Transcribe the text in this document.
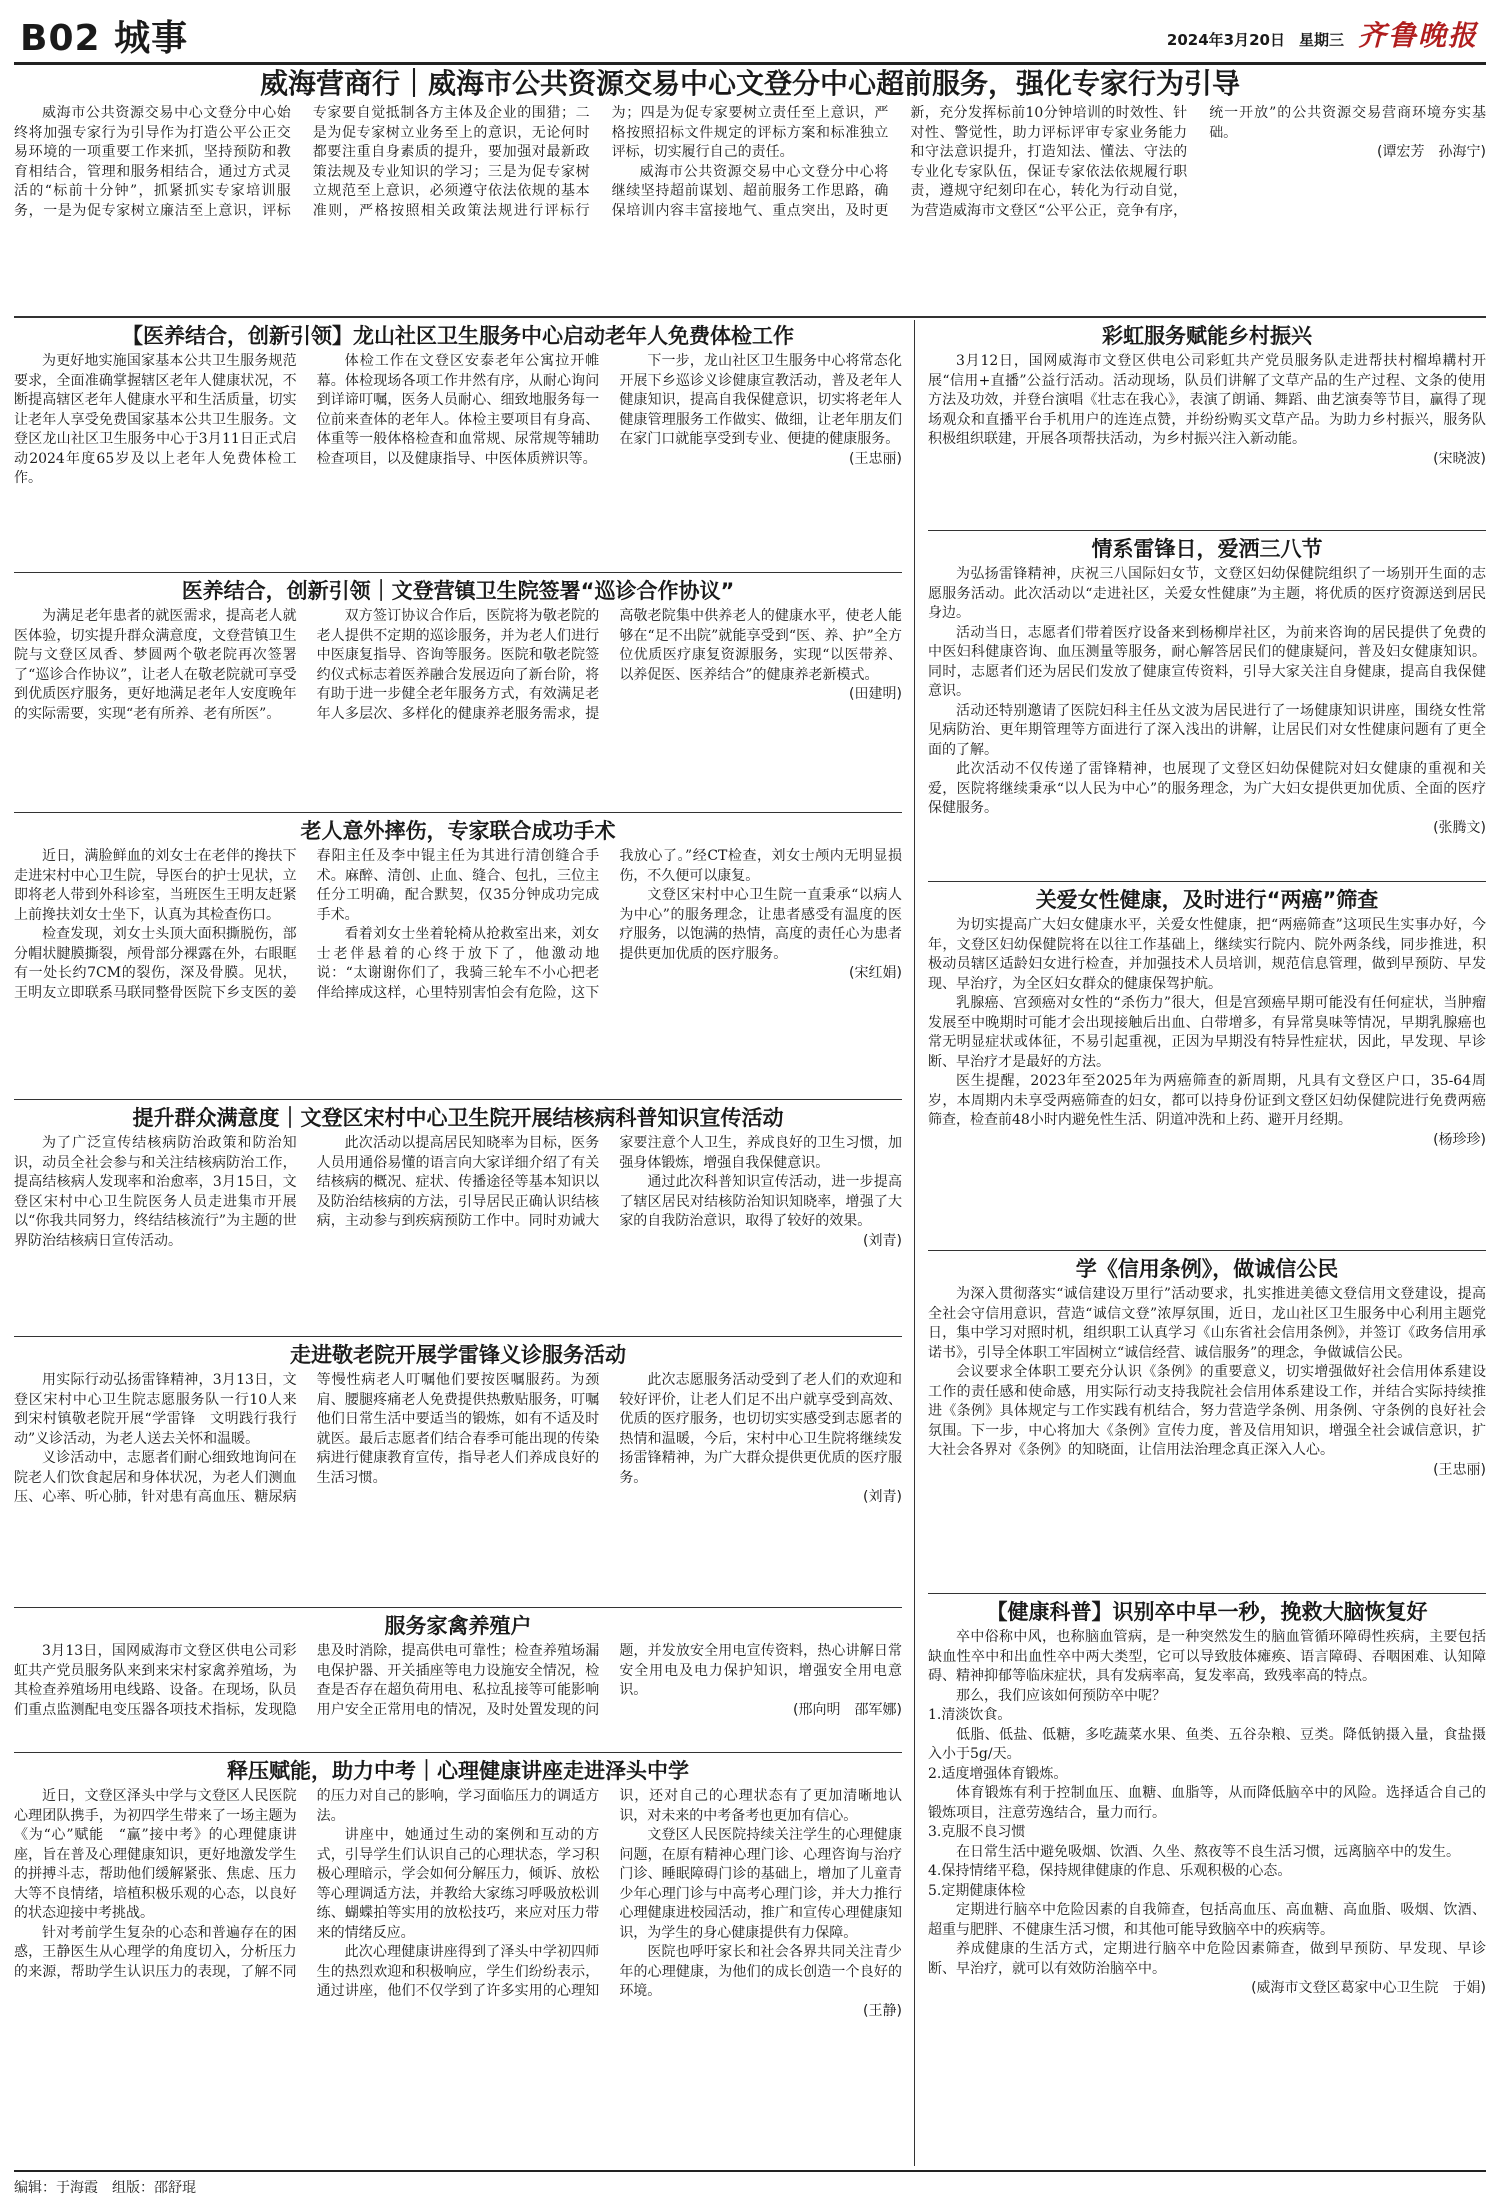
B02 城事	2024年3月20日 星期三 齐鲁晚报
威海营商行｜威海市公共资源交易中心文登分中心超前服务，强化专家行为引导

威海市公共资源交易中心文登分中心始终将加强专家行为引导作为打造公平公正交易环境的一项重要工作来抓，坚持预防和教育相结合，管理和服务相结合，通过方式灵活的“标前十分钟”，抓紧抓实专家培训服务，一是为促专家树立廉洁至上意识，评标专家要自觉抵制各方主体及企业的围猎；二是为促专家树立业务至上的意识，无论何时都要注重自身素质的提升，要加强对最新政策法规及专业知识的学习；三是为促专家树立规范至上意识，必须遵守依法依规的基本准则，严格按照相关政策法规进行评标行为；四是为促专家要树立责任至上意识，严格按照招标文件规定的评标方案和标准独立评标，切实履行自己的责任。

威海市公共资源交易中心文登分中心将继续坚持超前谋划、超前服务工作思路，确保培训内容丰富接地气、重点突出，及时更新，充分发挥标前10分钟培训的时效性、针对性、警觉性，助力评标评审专家业务能力和守法意识提升，打造知法、懂法、守法的专业化专家队伍，保证专家依法依规履行职责，遵规守纪刻印在心，转化为行动自觉，为营造威海市文登区“公平公正，竞争有序，统一开放”的公共资源交易营商环境夯实基础。

(谭宏芳　孙海宁)
【医养结合，创新引领】龙山社区卫生服务中心启动老年人免费体检工作

为更好地实施国家基本公共卫生服务规范要求，全面准确掌握辖区老年人健康状况，不断提高辖区老年人健康水平和生活质量，切实让老年人享受免费国家基本公共卫生服务。文登区龙山社区卫生服务中心于3月11日正式启动2024年度65岁及以上老年人免费体检工作。

体检工作在文登区安泰老年公寓拉开帷幕。体检现场各项工作井然有序，从耐心询问到详谛叮嘱，医务人员耐心、细致地服务每一位前来查体的老年人。体检主要项目有身高、体重等一般体格检查和血常规、尿常规等辅助检查项目，以及健康指导、中医体质辨识等。

下一步，龙山社区卫生服务中心将常态化开展下乡巡诊义诊健康宣教活动，普及老年人健康知识，提高自我保健意识，切实将老年人健康管理服务工作做实、做细，让老年朋友们在家门口就能享受到专业、便捷的健康服务。

(王忠丽)
医养结合，创新引领｜文登营镇卫生院签署“巡诊合作协议”

为满足老年患者的就医需求，提高老人就医体验，切实提升群众满意度，文登营镇卫生院与文登区凤香、梦圆两个敬老院再次签署了“巡诊合作协议”，让老人在敬老院就可享受到优质医疗服务，更好地满足老年人安度晚年的实际需要，实现“老有所养、老有所医”。

双方签订协议合作后，医院将为敬老院的老人提供不定期的巡诊服务，并为老人们进行中医康复指导、咨询等服务。医院和敬老院签约仪式标志着医养融合发展迈向了新台阶，将有助于进一步健全老年服务方式，有效满足老年人多层次、多样化的健康养老服务需求，提高敬老院集中供养老人的健康水平，使老人能够在“足不出院”就能享受到“医、养、护”全方位优质医疗康复资源服务，实现“以医带养、以养促医、医养结合”的健康养老新模式。

(田建明)
老人意外摔伤，专家联合成功手术

近日，满脸鲜血的刘女士在老伴的搀扶下走进宋村中心卫生院，导医台的护士见状，立即将老人带到外科诊室，当班医生王明友赶紧上前搀扶刘女士坐下，认真为其检查伤口。

检查发现，刘女士头顶大面积撕脱伤，部分帽状腱膜撕裂，颅骨部分裸露在外，右眼眶有一处长约7CM的裂伤，深及骨膜。见状，王明友立即联系马联同整骨医院下乡支医的姜春阳主任及李中锟主任为其进行清创缝合手术。麻醉、清创、止血、缝合、包扎，三位主任分工明确，配合默契，仅35分钟成功完成手术。

看着刘女士坐着轮椅从抢救室出来，刘女士老伴悬着的心终于放下了，他激动地说：“太谢谢你们了，我骑三轮车不小心把老伴给摔成这样，心里特别害怕会有危险，这下我放心了。”经CT检查，刘女士颅内无明显损伤，不久便可以康复。

文登区宋村中心卫生院一直秉承“以病人为中心”的服务理念，让患者感受有温度的医疗服务，以饱满的热情，高度的责任心为患者提供更加优质的医疗服务。

(宋红娟)
提升群众满意度｜文登区宋村中心卫生院开展结核病科普知识宣传活动

为了广泛宣传结核病防治政策和防治知识，动员全社会参与和关注结核病防治工作，提高结核病人发现率和治愈率，3月15日，文登区宋村中心卫生院医务人员走进集市开展以“你我共同努力，终结结核流行”为主题的世界防治结核病日宣传活动。

此次活动以提高居民知晓率为目标，医务人员用通俗易懂的语言向大家详细介绍了有关结核病的概况、症状、传播途径等基本知识以及防治结核病的方法，引导居民正确认识结核病，主动参与到疾病预防工作中。同时劝诫大家要注意个人卫生，养成良好的卫生习惯，加强身体锻炼，增强自我保健意识。

通过此次科普知识宣传活动，进一步提高了辖区居民对结核防治知识知晓率，增强了大家的自我防治意识，取得了较好的效果。

(刘青)
走进敬老院开展学雷锋义诊服务活动

用实际行动弘扬雷锋精神，3月13日，文登区宋村中心卫生院志愿服务队一行10人来到宋村镇敬老院开展“学雷锋　文明践行我行动”义诊活动，为老人送去关怀和温暖。

义诊活动中，志愿者们耐心细致地询问在院老人们饮食起居和身体状况，为老人们测血压、心率、听心肺，针对患有高血压、糖尿病等慢性病老人叮嘱他们要按医嘱服药。为颈肩、腰腿疼痛老人免费提供热敷贴服务，叮嘱他们日常生活中要适当的锻炼，如有不适及时就医。最后志愿者们结合春季可能出现的传染病进行健康教育宣传，指导老人们养成良好的生活习惯。

此次志愿服务活动受到了老人们的欢迎和较好评价，让老人们足不出户就享受到高效、优质的医疗服务，也切切实实感受到志愿者的热情和温暖，今后，宋村中心卫生院将继续发扬雷锋精神，为广大群众提供更优质的医疗服务。

(刘青)
服务家禽养殖户

3月13日，国网威海市文登区供电公司彩虹共产党员服务队来到来宋村家禽养殖场，为其检查养殖场用电线路、设备。在现场，队员们重点监测配电变压器各项技术指标，发现隐患及时消除，提高供电可靠性；检查养殖场漏电保护器、开关插座等电力设施安全情况，检查是否存在超负荷用电、私拉乱接等可能影响用户安全正常用电的情况，及时处置发现的问题，并发放安全用电宣传资料，热心讲解日常安全用电及电力保护知识，增强安全用电意识。

(邢向明　邵军娜)
释压赋能，助力中考｜心理健康讲座走进泽头中学

近日，文登区泽头中学与文登区人民医院心理团队携手，为初四学生带来了一场主题为《为“心”赋能　“赢”接中考》的心理健康讲座，旨在普及心理健康知识，更好地激发学生的拼搏斗志，帮助他们缓解紧张、焦虑、压力大等不良情绪，培植积极乐观的心态，以良好的状态迎接中考挑战。

针对考前学生复杂的心态和普遍存在的困惑，王静医生从心理学的角度切入，分析压力的来源，帮助学生认识压力的表现，了解不同的压力对自己的影响，学习面临压力的调适方法。

讲座中，她通过生动的案例和互动的方式，引导学生们认识自己的心理状态，学习积极心理暗示，学会如何分解压力，倾诉、放松等心理调适方法，并教给大家练习呼吸放松训练、蝴蝶拍等实用的放松技巧，来应对压力带来的情绪反应。

此次心理健康讲座得到了泽头中学初四师生的热烈欢迎和积极响应，学生们纷纷表示，通过讲座，他们不仅学到了许多实用的心理知识，还对自己的心理状态有了更加清晰地认识，对未来的中考备考也更加有信心。

文登区人民医院持续关注学生的心理健康问题，在原有精神心理门诊、心理咨询与治疗门诊、睡眠障碍门诊的基础上，增加了儿童青少年心理门诊与中高考心理门诊，并大力推行心理健康进校园活动，推广和宣传心理健康知识，为学生的身心健康提供有力保障。

医院也呼吁家长和社会各界共同关注青少年的心理健康，为他们的成长创造一个良好的环境。

(王静)
彩虹服务赋能乡村振兴

3月12日，国网威海市文登区供电公司彩虹共产党员服务队走进帮扶村榴埠耩村开展“信用+直播”公益行活动。活动现场，队员们讲解了文草产品的生产过程、文条的使用方法及功效，并登台演唱《壮志在我心》，表演了朗诵、舞蹈、曲艺演奏等节目，赢得了现场观众和直播平台手机用户的连连点赞，并纷纷购买文草产品。为助力乡村振兴，服务队积极组织联建，开展各项帮扶活动，为乡村振兴注入新动能。

(宋晓波)
情系雷锋日，爱洒三八节

为弘扬雷锋精神，庆祝三八国际妇女节，文登区妇幼保健院组织了一场别开生面的志愿服务活动。此次活动以“走进社区，关爱女性健康”为主题，将优质的医疗资源送到居民身边。

活动当日，志愿者们带着医疗设备来到杨柳岸社区，为前来咨询的居民提供了免费的中医妇科健康咨询、血压测量等服务，耐心解答居民们的健康疑问，普及妇女健康知识。同时，志愿者们还为居民们发放了健康宣传资料，引导大家关注自身健康，提高自我保健意识。

活动还特别邀请了医院妇科主任丛文波为居民进行了一场健康知识讲座，围绕女性常见病防治、更年期管理等方面进行了深入浅出的讲解，让居民们对女性健康问题有了更全面的了解。

此次活动不仅传递了雷锋精神，也展现了文登区妇幼保健院对妇女健康的重视和关爱，医院将继续秉承“以人民为中心”的服务理念，为广大妇女提供更加优质、全面的医疗保健服务。

(张腾文)
关爱女性健康，及时进行“两癌”筛查

为切实提高广大妇女健康水平，关爱女性健康，把“两癌筛查”这项民生实事办好，今年，文登区妇幼保健院将在以往工作基础上，继续实行院内、院外两条线，同步推进，积极动员辖区适龄妇女进行检查，并加强技术人员培训，规范信息管理，做到早预防、早发现、早治疗，为全区妇女群众的健康保驾护航。

乳腺癌、宫颈癌对女性的“杀伤力”很大，但是宫颈癌早期可能没有任何症状，当肿瘤发展至中晚期时可能才会出现接触后出血、白带增多，有异常臭味等情况，早期乳腺癌也常无明显症状或体征，不易引起重视，正因为早期没有特异性症状，因此，早发现、早诊断、早治疗才是最好的方法。

医生提醒，2023年至2025年为两癌筛查的新周期，凡具有文登区户口，35-64周岁，本周期内未享受两癌筛查的妇女，都可以持身份证到文登区妇幼保健院进行免费两癌筛查，检查前48小时内避免性生活、阴道冲洗和上药、避开月经期。

(杨珍珍)
学《信用条例》，做诚信公民

为深入贯彻落实“诚信建设万里行”活动要求，扎实推进美德文登信用文登建设，提高全社会守信用意识，营造“诚信文登”浓厚氛围，近日，龙山社区卫生服务中心利用主题党日，集中学习对照时机，组织职工认真学习《山东省社会信用条例》，并签订《政务信用承诺书》，引导全体职工牢固树立“诚信经营、诚信服务”的理念，争做诚信公民。

会议要求全体职工要充分认识《条例》的重要意义，切实增强做好社会信用体系建设工作的责任感和使命感，用实际行动支持我院社会信用体系建设工作，并结合实际持续推进《条例》具体规定与工作实践有机结合，努力营造学条例、用条例、守条例的良好社会氛围。下一步，中心将加大《条例》宣传力度，普及信用知识，增强全社会诚信意识，扩大社会各界对《条例》的知晓面，让信用法治理念真正深入人心。

(王忠丽)
【健康科普】识别卒中早一秒，挽救大脑恢复好

卒中俗称中风，也称脑血管病，是一种突然发生的脑血管循环障碍性疾病，主要包括缺血性卒中和出血性卒中两大类型，它可以导致肢体瘫痪、语言障碍、吞咽困难、认知障碍、精神抑郁等临床症状，具有发病率高，复发率高，致残率高的特点。

那么，我们应该如何预防卒中呢？

1.清淡饮食。

低脂、低盐、低糖，多吃蔬菜水果、鱼类、五谷杂粮、豆类。降低钠摄入量，食盐摄入小于5g/天。

2.适度增强体育锻炼。

体育锻炼有利于控制血压、血糖、血脂等，从而降低脑卒中的风险。选择适合自己的锻炼项目，注意劳逸结合，量力而行。

3.克服不良习惯

在日常生活中避免吸烟、饮酒、久坐、熬夜等不良生活习惯，远离脑卒中的发生。

4.保持情绪平稳，保持规律健康的作息、乐观积极的心态。

5.定期健康体检

定期进行脑卒中危险因素的自我筛查，包括高血压、高血糖、高血脂、吸烟、饮酒、超重与肥胖、不健康生活习惯，和其他可能导致脑卒中的疾病等。

养成健康的生活方式，定期进行脑卒中危险因素筛查，做到早预防、早发现、早诊断、早治疗，就可以有效防治脑卒中。

(威海市文登区葛家中心卫生院　于娟)
编辑：于海霞　组版：邵舒琨
